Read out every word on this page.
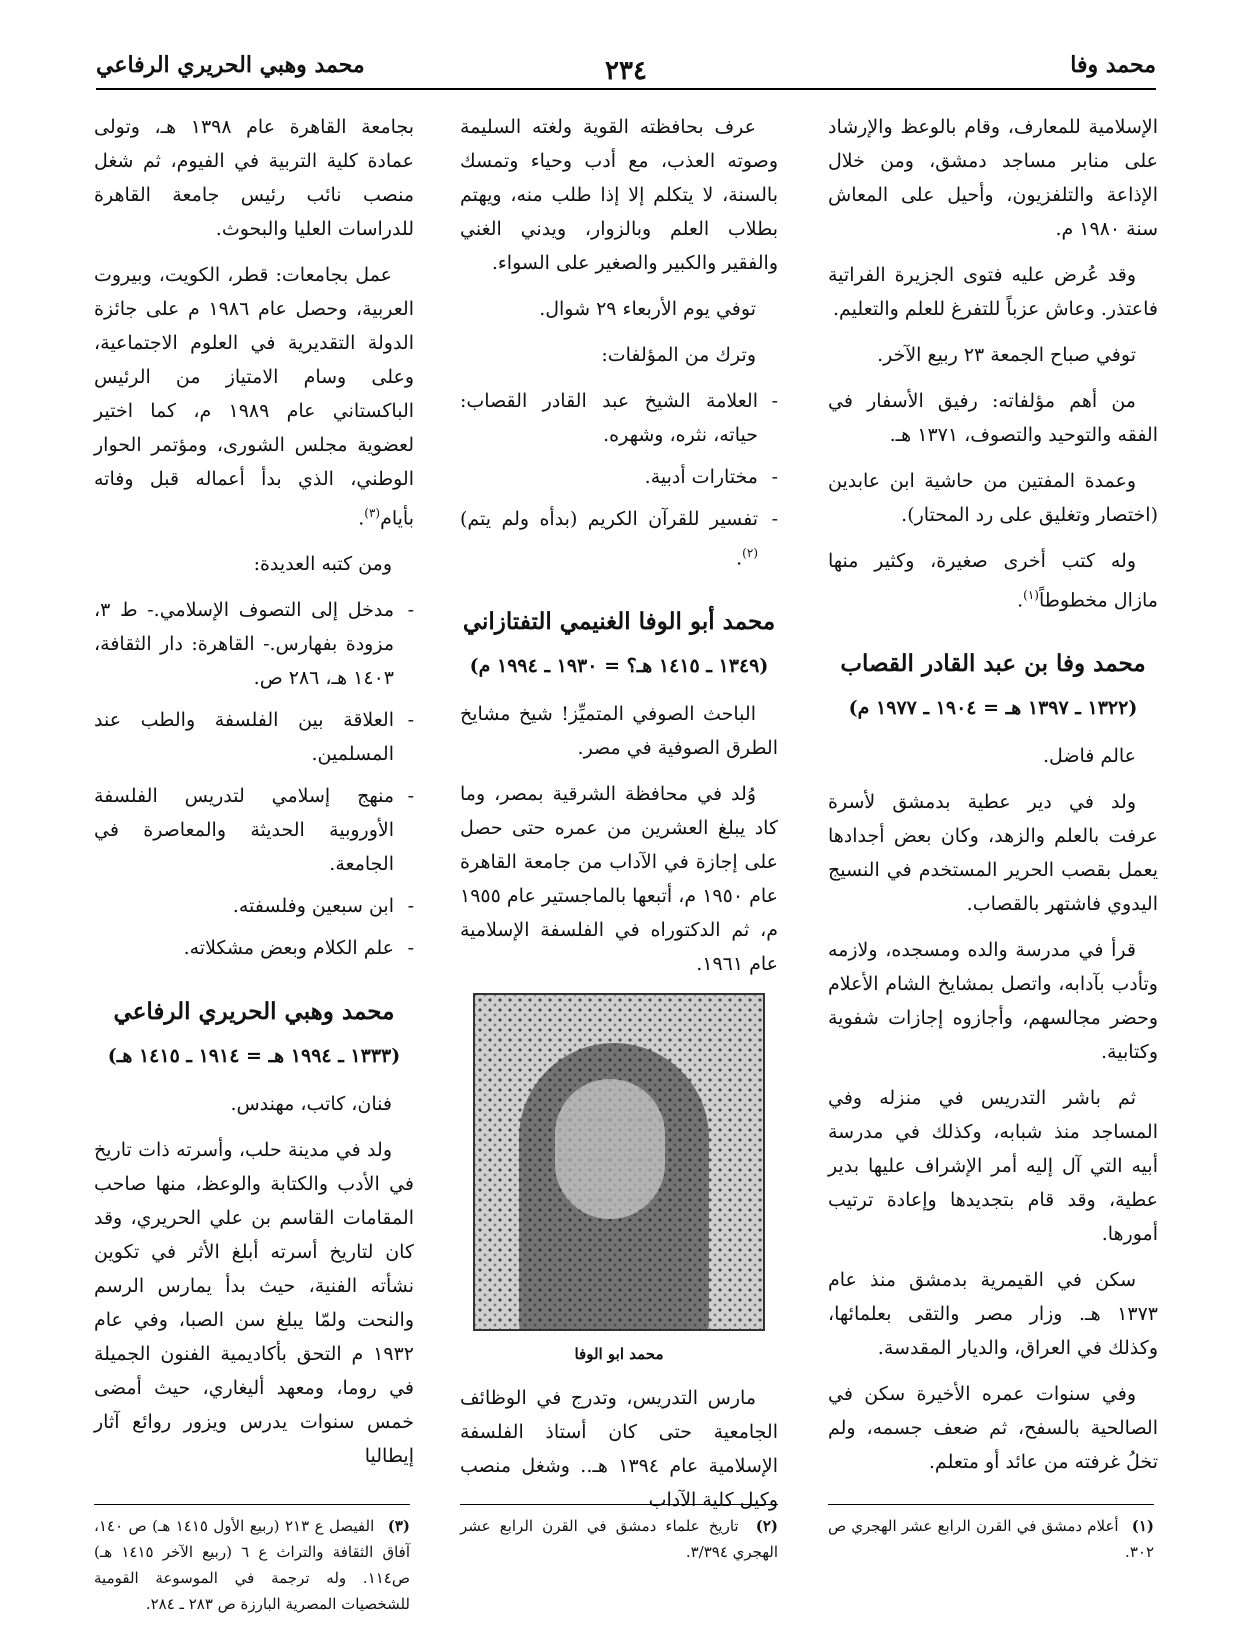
محمد وفا
٢٣٤
محمد وهبي الحريري الرفاعي

الإسلامية للمعارف، وقام بالوعظ والإرشاد على منابر مساجد دمشق، ومن خلال الإذاعة والتلفزيون، وأحيل على المعاش سنة ١٩٨٠ م.

وقد عُرض عليه فتوى الجزيرة الفراتية فاعتذر. وعاش عزباً للتفرغ للعلم والتعليم.

توفي صباح الجمعة ٢٣ ربيع الآخر.

من أهم مؤلفاته: رفيق الأسفار في الفقه والتوحيد والتصوف، ١٣٧١ هـ.

وعمدة المفتين من حاشية ابن عابدين (اختصار وتغليق على رد المحتار).

وله كتب أخرى صغيرة، وكثير منها مازال مخطوطاً$^{(١)}$.

محمد وفا بن عبد القادر القصاب
(١٣٢٢ ـ ١٣٩٧ هـ = ١٩٠٤ ـ ١٩٧٧ م)

عالم فاضل.

ولد في دير عطية بدمشق لأسرة عرفت بالعلم والزهد، وكان بعض أجدادها يعمل بقصب الحرير المستخدم في النسيج اليدوي فاشتهر بالقصاب.

قرأ في مدرسة والده ومسجده، ولازمه وتأدب بآدابه، واتصل بمشايخ الشام الأعلام وحضر مجالسهم، وأجازوه إجازات شفوية وكتابية.

ثم باشر التدريس في منزله وفي المساجد منذ شبابه، وكذلك في مدرسة أبيه التي آل إليه أمر الإشراف عليها بدير عطية، وقد قام بتجديدها وإعادة ترتيب أمورها.

سكن في القيمرية بدمشق منذ عام ١٣٧٣ هـ. وزار مصر والتقى بعلمائها، وكذلك في العراق، والديار المقدسة.

وفي سنوات عمره الأخيرة سكن في الصالحية بالسفح، ثم ضعف جسمه، ولم تخلُ غرفته من عائد أو متعلم.

عرف بحافظته القوية ولغته السليمة وصوته العذب، مع أدب وحياء وتمسك بالسنة، لا يتكلم إلا إذا طلب منه، ويهتم بطلاب العلم وبالزوار، ويدني الغني والفقير والكبير والصغير على السواء.

توفي يوم الأربعاء ٢٩ شوال.

وترك من المؤلفات:

-
العلامة الشيخ عبد القادر القصاب: حياته، نثره، وشهره.
-
مختارات أدبية.
-
تفسير للقرآن الكريم (بدأه ولم يتم)$^{(٢)}$.
محمد أبو الوفا الغنيمي التفتازاني
(١٣٤٩ ـ ١٤١٥ هـ؟ = ١٩٣٠ ـ ١٩٩٤ م)

الباحث الصوفي المتميِّز! شيخ مشايخ الطرق الصوفية في مصر.

وُلد في محافظة الشرقية بمصر، وما كاد يبلغ العشرين من عمره حتى حصل على إجازة في الآداب من جامعة القاهرة عام ١٩٥٠ م، أتبعها بالماجستير عام ١٩٥٥ م، ثم الدكتوراه في الفلسفة الإسلامية عام ١٩٦١.

محمد ابو الوفا

مارس التدريس، وتدرج في الوظائف الجامعية حتى كان أستاذ الفلسفة الإسلامية عام ١٣٩٤ هـ.. وشغل منصب وكيل كلية الآداب

بجامعة القاهرة عام ١٣٩٨ هـ، وتولى عمادة كلية التربية في الفيوم، ثم شغل منصب نائب رئيس جامعة القاهرة للدراسات العليا والبحوث.

عمل بجامعات: قطر، الكويت، وبيروت العربية، وحصل عام ١٩٨٦ م على جائزة الدولة التقديرية في العلوم الاجتماعية، وعلى وسام الامتياز من الرئيس الباكستاني عام ١٩٨٩ م، كما اختير لعضوية مجلس الشورى، ومؤتمر الحوار الوطني، الذي بدأ أعماله قبل وفاته بأيام$^{(٣)}$.

ومن كتبه العديدة:

-
مدخل إلى التصوف الإسلامي.- ط ٣، مزودة بفهارس.- القاهرة: دار الثقافة، ١٤٠٣ هـ، ٢٨٦ ص.
-
العلاقة بين الفلسفة والطب عند المسلمين.
-
منهج إسلامي لتدريس الفلسفة الأوروبية الحديثة والمعاصرة في الجامعة.
-
ابن سبعين وفلسفته.
-
علم الكلام وبعض مشكلاته.
محمد وهبي الحريري الرفاعي
(١٣٣٣ ـ ١٩٩٤ هـ = ١٩١٤ ـ ١٤١٥ هـ)

فنان، كاتب، مهندس.

ولد في مدينة حلب، وأسرته ذات تاريخ في الأدب والكتابة والوعظ، منها صاحب المقامات القاسم بن علي الحريري، وقد كان لتاريخ أسرته أبلغ الأثر في تكوين نشأته الفنية، حيث بدأ يمارس الرسم والنحت ولمّا يبلغ سن الصبا، وفي عام ١٩٣٢ م التحق بأكاديمية الفنون الجميلة في روما، ومعهد أليغاري، حيث أمضى خمس سنوات يدرس ويزور روائع آثار إيطاليا

(١) أعلام دمشق في القرن الرابع عشر الهجري ص ٣٠٢.
(٢) تاريخ علماء دمشق في القرن الرابع عشر الهجري ٣/٣٩٤.
(٣) الفيصل ع ٢١٣ (ربيع الأول ١٤١٥ هـ) ص ١٤٠، آفاق الثقافة والتراث ع ٦ (ربيع الآخر ١٤١٥ هـ) ص١١٤. وله ترجمة في الموسوعة القومية للشخصيات المصرية البارزة ص ٢٨٣ ـ ٢٨٤.
